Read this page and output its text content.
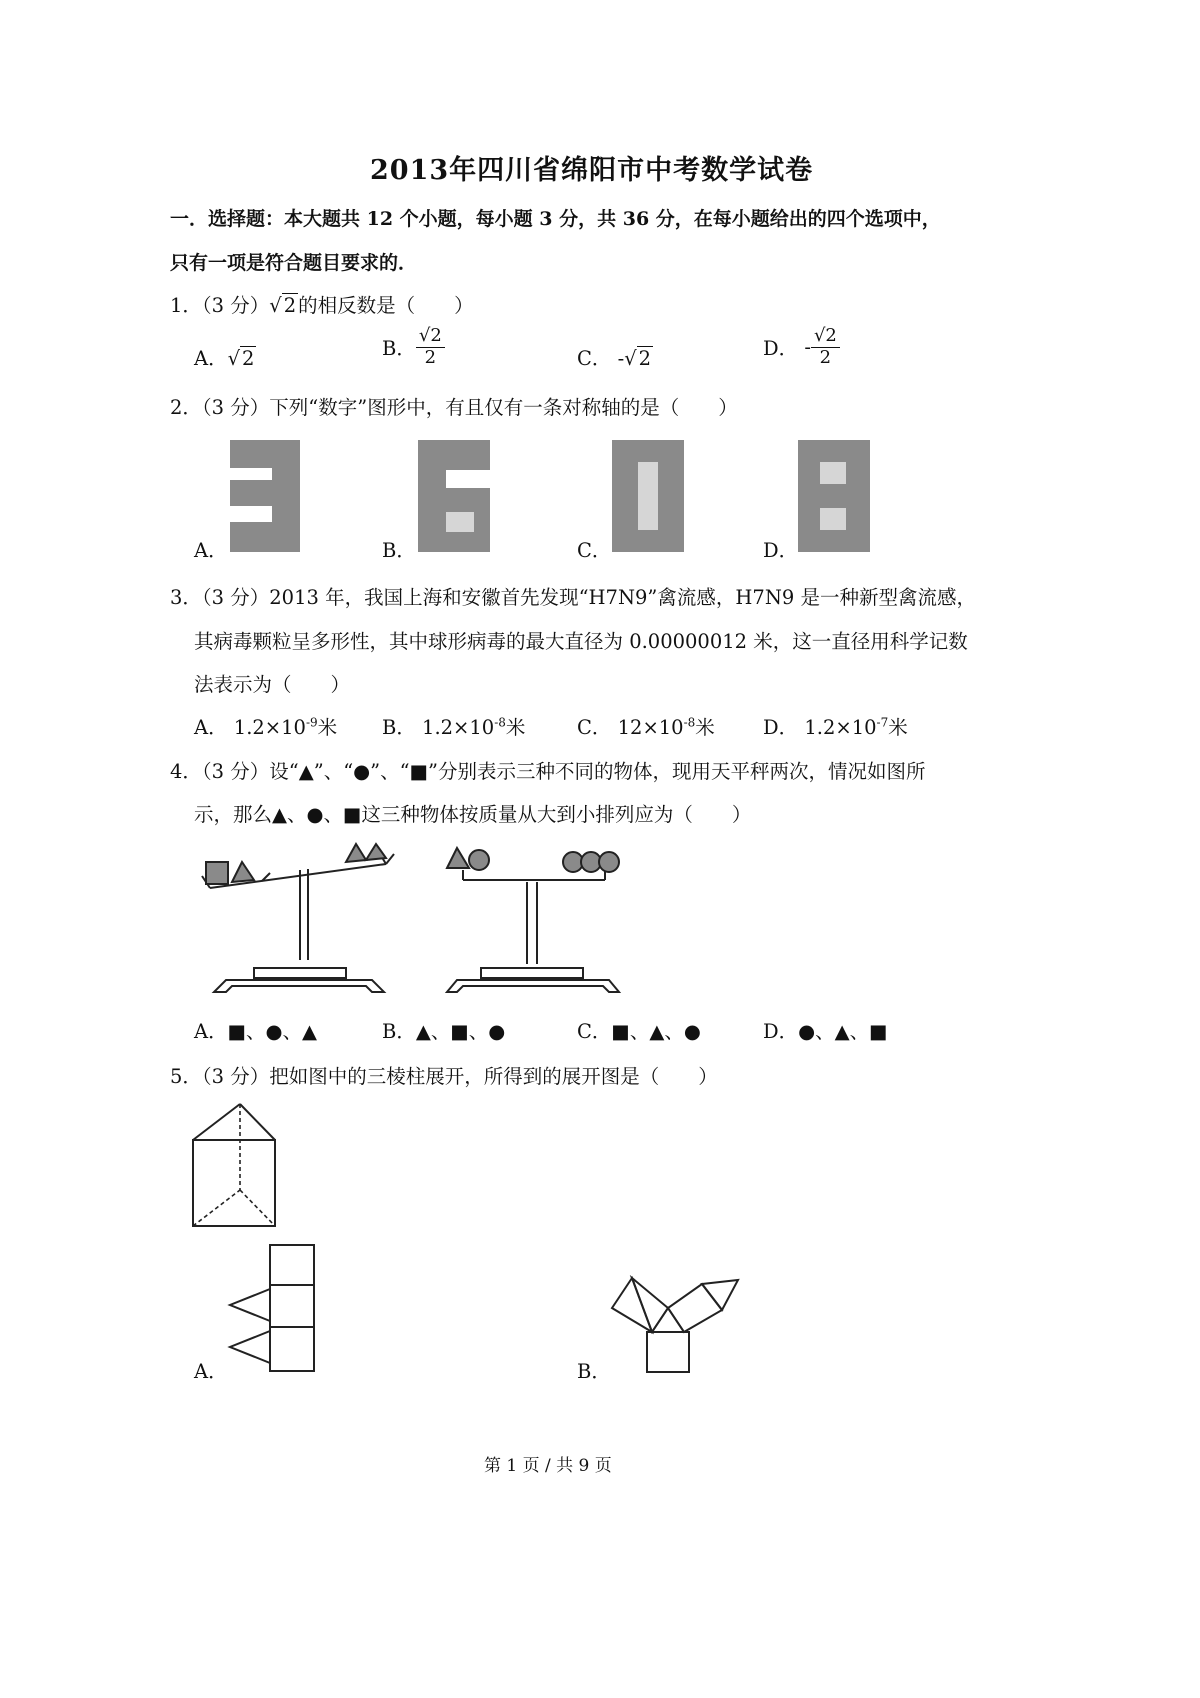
2013年四川省绵阳市中考数学试卷
一．选择题：本大题共 12 个小题，每小题 3 分，共 36 分，在每小题给出的四个选项中，
只有一项是符合题目要求的．
1．（3 分）√ 2 的相反数是（　　）
A．√ 2	B． $\frac{√2}{2}$	C． -√ 2	D． - $\frac{√2}{2}$
2．（3 分）下列“数字”图形中，有且仅有一条对称轴的是（　　）
A．	B．	C．	D．
3．（3 分）2013 年，我国上海和安徽首先发现“H7N9”禽流感，H7N9 是一种新型禽流感，
其病毒颗粒呈多形性，其中球形病毒的最大直径为 0.00000012 米，这一直径用科学记数
法表示为（　　）
A． $1.2\times 10^{-9}$米 B． $1.2\times 10^{-8}$米	C． $12\times 10^{-8}$米 D． $1.2\times 10^{-7}$米
4．（3 分）设“▲”、“●”、“■”分别表示三种不同的物体，现用天平秤两次，情况如图所
示，那么▲、●、■这三种物体按质量从大到小排列应为（　　）
A．■、●、▲	B．▲、■、●	C．■、▲、●	D．●、▲、■
5．（3 分）把如图中的三棱柱展开，所得到的展开图是（　　）
A．	B．
第 1 页 / 共 9 页
